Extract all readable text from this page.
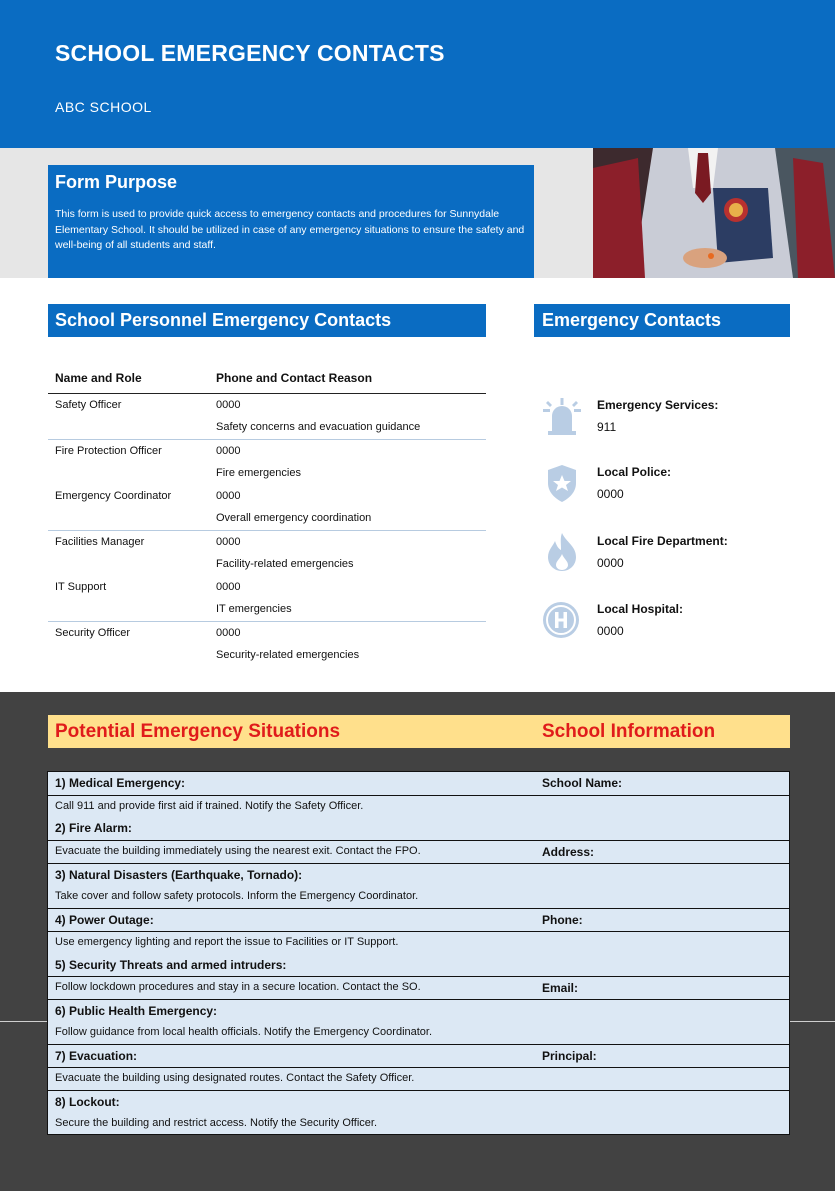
SCHOOL EMERGENCY CONTACTS
ABC SCHOOL
Form Purpose
This form is used to provide quick access to emergency contacts and procedures for Sunnydale Elementary School. It should be utilized in case of any emergency situations to ensure the safety and well-being of all students and staff.
School Personnel Emergency Contacts	Emergency Contacts
Name and Role	Phone and Contact Reason
Safety Officer	0000
Safety concerns and evacuation guidance
Fire Protection Officer	0000
Fire emergencies
Emergency Coordinator	0000
Overall emergency coordination
Facilities Manager	0000
Facility-related emergencies
IT Support	0000
IT emergencies
Security Officer	0000
Security-related emergencies
Emergency Services:
911
Local Police:
0000
Local Fire Department:
0000
Local Hospital:
0000
Potential Emergency Situations	School Information
1) Medical Emergency:	School Name:
Call 911 and provide first aid if trained. Notify the Safety Officer.
2) Fire Alarm:
Evacuate the building immediately using the nearest exit. Contact the FPO.	Address:
3) Natural Disasters (Earthquake, Tornado):
Take cover and follow safety protocols. Inform the Emergency Coordinator.
4) Power Outage:	Phone:
Use emergency lighting and report the issue to Facilities or IT Support.
5) Security Threats and armed intruders:
Follow lockdown procedures and stay in a secure location. Contact the SO.	Email:
6) Public Health Emergency:
Follow guidance from local health officials. Notify the Emergency Coordinator.
7) Evacuation:	Principal:
Evacuate the building using designated routes. Contact the Safety Officer.
8) Lockout:
Secure the building and restrict access. Notify the Security Officer.
